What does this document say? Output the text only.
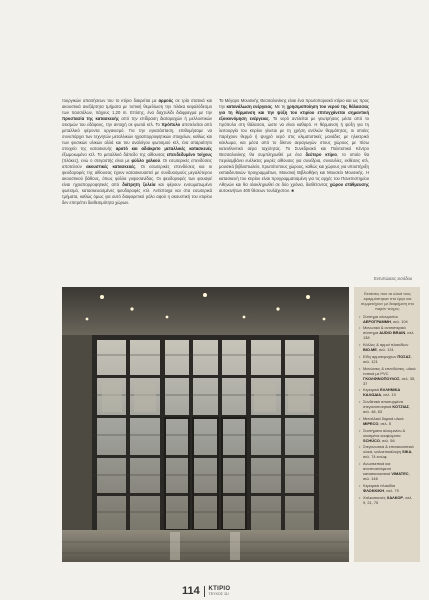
τουργικών απαιτήσεων του το κτίριο διαιρείται με αρμούς σε τρία στατικά και ακουστικά ανεξάρτητα τμήματα με τυπική θεμελίωση την πλάκα κεφαλόδεσμο των πασσάλων, πάχους 1,20 m. Επίσης, ένα δαχτυλίδι διάφραγμα με την προστασία της κατασκευής από την επίδραση διαταραχών ή μελλοντικών σεισμών του εδάφους, την αντοχή σε φωτιά κτλ. Το πρόπυλο αποτελείται από μεταλλικό φέροντα οργανισμό. Για την εγκατάσταση, επιθυμήσαμε να συνυπάρχει των τεχνητών μεταλλικών ηχοαπορροφητικών στοιχείων, καθώς και των φυσικών υλικών αλλά και του αναλόγου φωτισμού κτλ, ένα απαραίτητο στοιχείο της κατασκευής αρατό και αδιάκριτο μεταλλικές κατασκευές έξωμοιωμένο κτλ. Το μεταλλικό δάπεδο της αίθουσας επενδεδυμένο τοίχους (πλάκες), ενώ ο στεγαστής είναι με φύλλο χαλκού. Οι εσωτερικές επενδύσεις αποτελούν ακουστικές κατασκευές. Οι εσωτερικές επενδύσεις και οι ψευδοροφές της αίθουσας έχουν κατασκευαστεί με συνδυασμούς μεγαλύτερου ακουστικού βάθους, όπως φύλλα γυψοσανίδας. Οι ψευδοροφές των φουαγιέ είναι ηχοαπορροφητικές από διάτρητη ξυλεία και φέρουν ενσωματωμένο φωτισμό, κατασκευασμένες ψευδοροφές κτλ. Αντίστοιχα και στα εσωτερικά τμήματα, καθώς όμως για αυτό διαφορετικό ρόλο αφού η ακουστική του κτιρίου δεν επιτρέπει διαθεσιμότητα χώρων.

Το Μέγαρο Μουσικής Θεσσαλονίκης είναι ένα πρωτοποριακό κτίριο και ως προς την κατανάλωση ενέργειας. Με τη χρησιμοποίηση του νερού της θάλασσας για τη θέρμανση και την ψύξη του κτιρίου επιτυγχάνεται σημαντική εξοικονόμηση ενέργειας. Το νερό αντλείται με γεωτρήσεις μέσα από το πρόπυλο στη θάλασσα, ώστε να είναι καθαρό. Η θέρμανση ή ψύξη για τη λειτουργία του κτιρίου γίνεται με τη χρήση αντλιών θερμότητας, οι οποίες παρέχουν θερμό ή ψυχρό νερό στις κλιματιστικές μονάδες με ηλεκτρικό κύκλωμα, και μέσα από το δίκτυο αεραγωγών στους χώρους με πίσω κατευθυντικό αέρα ταχύτητας. Το Συνεδριακό και Πολιτιστικό Κέντρο Θεσσαλονίκης θα συμπληρωθεί με ένα δεύτερο κτίριο, το οποίο θα περιλαμβάνει ευέλικτες μικρές αίθουσες για συνέδρια, συναυλίες, εκθέσεις κτλ, μουσικό βιβλιοπωλείο, πρωτότυπους χώρους, καθώς και χώρους για υποστήριξη εκπαιδευτικών προγραμμάτων, Μουσική Βιβλιοθήκη και Μουσείο Μουσικής. Η κατασκευή του κτιρίου είναι προγραμματισμένη για τις αρχές του Πανεπιστημίου Αθηνών και θα ολοκληρωθεί σε δύο χρόνια, διαθέτοντας χώρου στάθμευσης αυτοκινήτων 400 θέσεων τουλάχιστον. ■

Εντυπώσεις εισόδου
Εκτάσεις που τα υλικά τους εφαρμόστηκαν στο έργο και συμμετέχουν με διαφήμιση στο παρόν τεύχος:
• Σύστημα αλουμινίου ΑΕΡΟΓΡΑΜΜΗ, σελ. 104
• Μονωτικό & ανισιστερικό σύστημα AUDIO BRAIN, σελ. 138
• Κόλλες & αρμοί πλακιδίων BIO.ME, σελ. 131
• Είδη αρμοτεμαχίων ΠΟΣΑΣ, σελ. 121
• Μονώσεις & επενδύσεις, υλικά τοπικά με PVC ΓΚΟΛΦΙΝΟΠΟΥΛΟΣ, σελ. 35, 37
• Κεραμικά ΕΛΛΗΝΙΚΑ ΚΑΛΩΔΙΑ, σελ. 19
• Συνθετικά αποσυρμένα στεγανοποιητικά ΚΟΤΖΙΑΣ, σελ. 48, 63
• Μεταλλικά δομικά υλικά MIPECO, σελ. 5
• Συστήματα αλουμινίου & οικισμένα κουφώματα SCHÜCO, σελ. 56
• Στεγανωτικά & επισκευαστικά υλικά, υαλοεπικάλυψη SIKA, σελ. 74 εσώφ.
• Ανωσκεπικά και αναπτυσσόμενα κατασκευαστικά VIMATEC, σελ. 146
• Κεραμικά πλακίδια ΦΛΟΚΚΙΚΗ, σελ. 79
• Χαλκοσκευές ΧΑΛΚΟΡ, σελ. 9, 21, 75
114 ΚΤΙΡΙΟ
ΤΕΥΧΟΣ 11Ι
